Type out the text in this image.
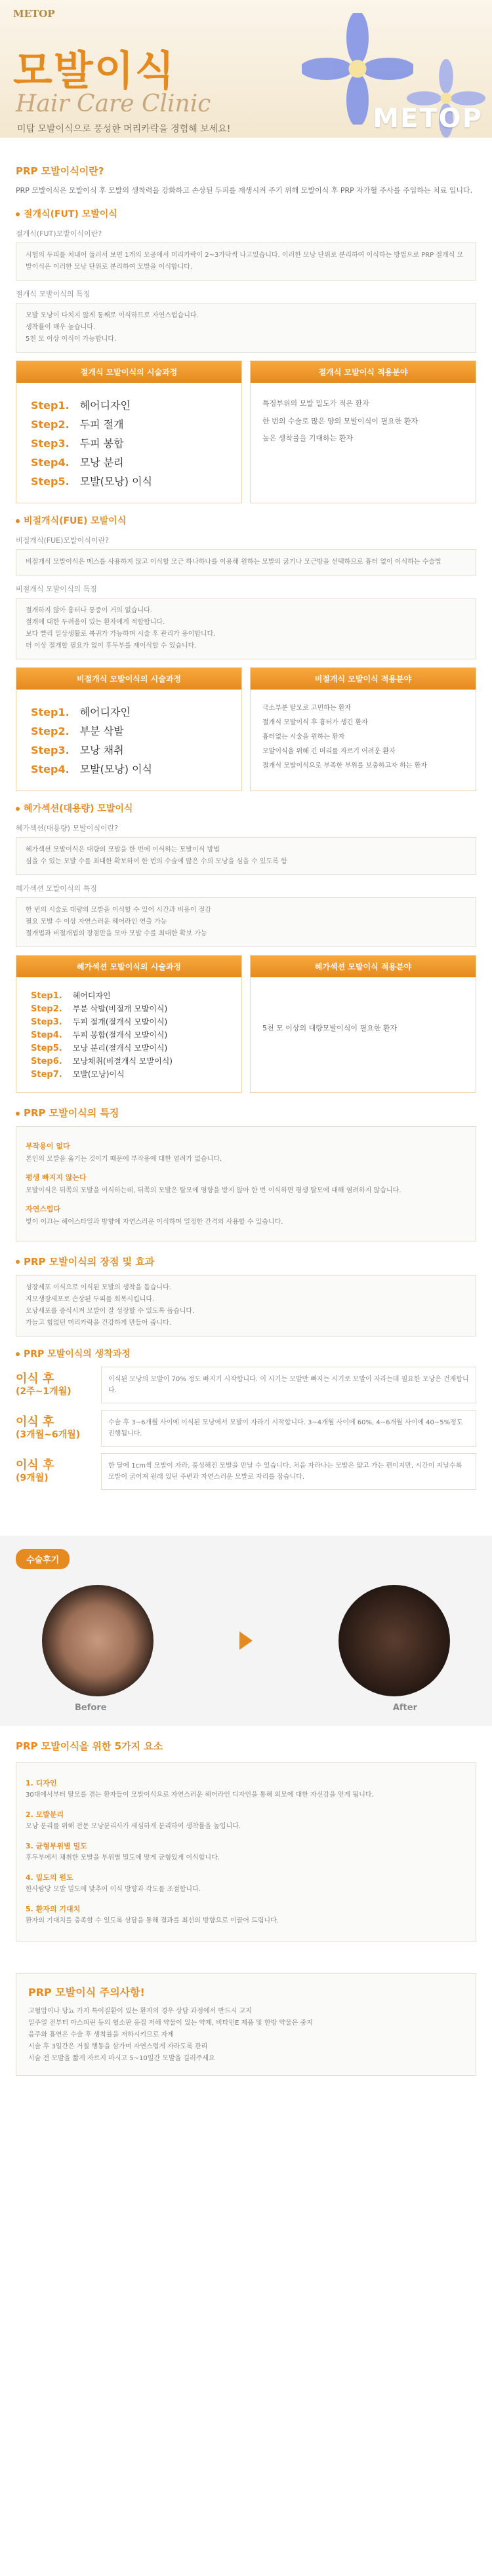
METOP
모발이식
Hair Care Clinic
미탑 모발이식으로 풍성한 머리카락을 경험해 보세요!	METOP
PRP 모발이식이란?
PRP 모발이식은 모발이식 후 모발의 생착력을 강화하고 손상된 두피를 재생시켜 주기 위해 모발이식 후 PRP 자가혈 주사를 주입하는 치료 입니다.
절개식(FUT) 모발이식
절개식(FUT)모발이식이란?
시험의 두피를 처내어 둘러서 보면 1개의 모공에서 머리카락이 2~3가닥씩 나고있습니다. 이러한 모낭 단위로 분리하여 이식하는 방법으로 PRP 절개식 모발이식은 이러한 모낭 단위로 분리하여 모발을 이식합니다.
절개식 모발이식의 특징
모발 모낭이 다치지 않게 통째로 이식하므로 자연스럽습니다.
생착률이 매우 높습니다.
5천 모 이상 이식이 가능합니다.
절개식 모발이식의 시술과정
Step1. 헤어디자인
Step2. 두피 절개
Step3. 두피 봉합
Step4. 모낭 분리
Step5. 모발(모낭) 이식
절개식 모발이식 적용분야
특정부위의 모발 밀도가 적은 환자
한 번의 수술로 많은 양의 모발이식이 필요한 환자
높은 생착률을 기대하는 환자
비절개식(FUE) 모발이식
비절개식(FUE)모발이식이란?
비절개식 모발이식은 메스를 사용하지 않고 이식할 모근 하나하나를 이용해 원하는 모발의 굵기나 모근방을 선택하므로 흉터 없이 이식하는 수술법
비절개식 모발이식의 특징
절개하지 않아 흉터나 통증이 거의 없습니다.
절개에 대한 두려움이 있는 환자에게 적합합니다.
보다 빨리 일상생활로 복귀가 가능하며 시술 후 관리가 용이합니다.
더 이상 절개할 필요가 없이 후두부를 재이식할 수 있습니다.
비절개식 모발이식의 시술과정
Step1. 헤어디자인
Step2. 부분 삭발
Step3. 모낭 채취
Step4. 모발(모낭) 이식
비절개식 모발이식 적용분야
극소부분 탈모로 고민하는 환자
절개식 모발이식 후 흉터가 생긴 환자
흉터없는 시술을 원하는 환자
모발이식을 위해 긴 머리를 자르기 어려운 환자
절개식 모발이식으로 부족한 부위를 보충하고자 하는 환자
혜가섹션(대용량) 모발이식
혜가섹션(대용량) 모발이식이란?
혜가섹션 모발이식은 대량의 모발을 한 번에 이식하는 모발이식 방법
심을 수 있는 모발 수를 최대한 확보하여 한 번의 수술에 많은 수의 모낭을 심을 수 있도록 함
혜가섹션 모발이식의 특징
한 번의 시술로 대량의 모발을 이식할 수 있어 시간과 비용이 절감
필요 모발 수 이상 자연스러운 헤어라인 연출 가능
절개법과 비절개법의 장점만을 모아 모발 수를 최대한 확보 가능
혜가섹션 모발이식의 시술과정
Step1. 헤어디자인
Step2. 부분 삭발(비절개 모발이식)
Step3. 두피 절개(절개식 모발이식)
Step4. 두피 봉합(절개식 모발이식)
Step5. 모낭 분리(절개식 모발이식)
Step6. 모낭채취(비절개식 모발이식)
Step7. 모발(모낭)이식
혜가섹션 모발이식 적용분야
5천 모 이상의 대량모발이식이 필요한 환자
PRP 모발이식의 특징
부작용이 없다

본인의 모발을 옮기는 것이기 때문에 부작용에 대한 염려가 없습니다.

평생 빠지지 않는다

모발이식은 뒤쪽의 모발을 이식하는데, 뒤쪽의 모발은 탈모에 영향을 받지 않아 한 번 이식하면 평생 탈모에 대해 염려하지 않습니다.

자연스럽다

빛이 이끄는 헤어스타일과 방향에 자연스러운 이식하며 일정한 간격의 사용할 수 있습니다.

PRP 모발이식의 장점 및 효과
성장세포 이식으로 이식된 모발의 생착을 돕습니다.
지모생장세포로 손상된 두피를 회복시킵니다.
모낭세포를 증식시켜 모발이 잘 성장할 수 있도록 돕습니다.
가늘고 힘없던 머리카락을 건강하게 만들어 줍니다.
PRP 모발이식의 생착과정
이식 후
(2주~1개월)
이식된 모낭의 모발이 70% 정도 빠지기 시작합니다. 이 시기는 모발만 빠지는 시기로 모발이 자라는데 필요한 모낭은 건재합니다.
이식 후
(3개월~6개월)
수술 후 3~6개월 사이에 이식된 모낭에서 모발이 자라기 시작합니다. 3~4개월 사이에 60%, 4~6개월 사이에 40~5%정도 진행됩니다.
이식 후
(9개월)
한 달에 1cm씩 모발이 자라, 풍성해진 모발을 만날 수 있습니다. 처음 자라나는 모발은 얇고 가는 편이지만, 시간이 지날수록 모발이 굵어져 원래 있던 주변과 자연스러운 모발로 자리를 잡습니다.
수술후기
Before	After
PRP 모발이식을 위한 5가지 요소
1. 디자인

30대에서부터 탈모를 겪는 환자들이 모발이식으로 자연스러운 헤어라인 디자인을 통해 외모에 대한 자신감을 얻게 됩니다.

2. 모발분리

모낭 분리를 위해 전문 모낭분리사가 세심하게 분리하여 생착률을 높입니다.

3. 균형부위별 밀도

후두부에서 채취한 모발을 부위별 밀도에 맞게 균형있게 이식합니다.

4. 밀도의 원도

한사람당 모발 밀도에 맞추어 이식 방향과 각도를 조절합니다.

5. 환자의 기대치

환자의 기대치를 충족할 수 있도록 상담을 통해 결과를 최선의 방향으로 이끌어 드립니다.

PRP 모발이식 주의사항!
고혈압이나 당뇨 가지 특이질환이 있는 환자의 경우 상담 과정에서 반드시 고지
일주일 전부터 아스피린 등의 혈소판 응집 저해 약물이 있는 약제, 비타민E 제품 및 한방 약물은 중지
음주와 흡연은 수술 후 생착률을 저하시키므로 자제
시술 후 3일간은 거칠 행동을 삼가며 자연스럽게 자라도록 관리
시술 전 모발을 짧게 자르지 마시고 5~10일간 모발을 길러주세요
